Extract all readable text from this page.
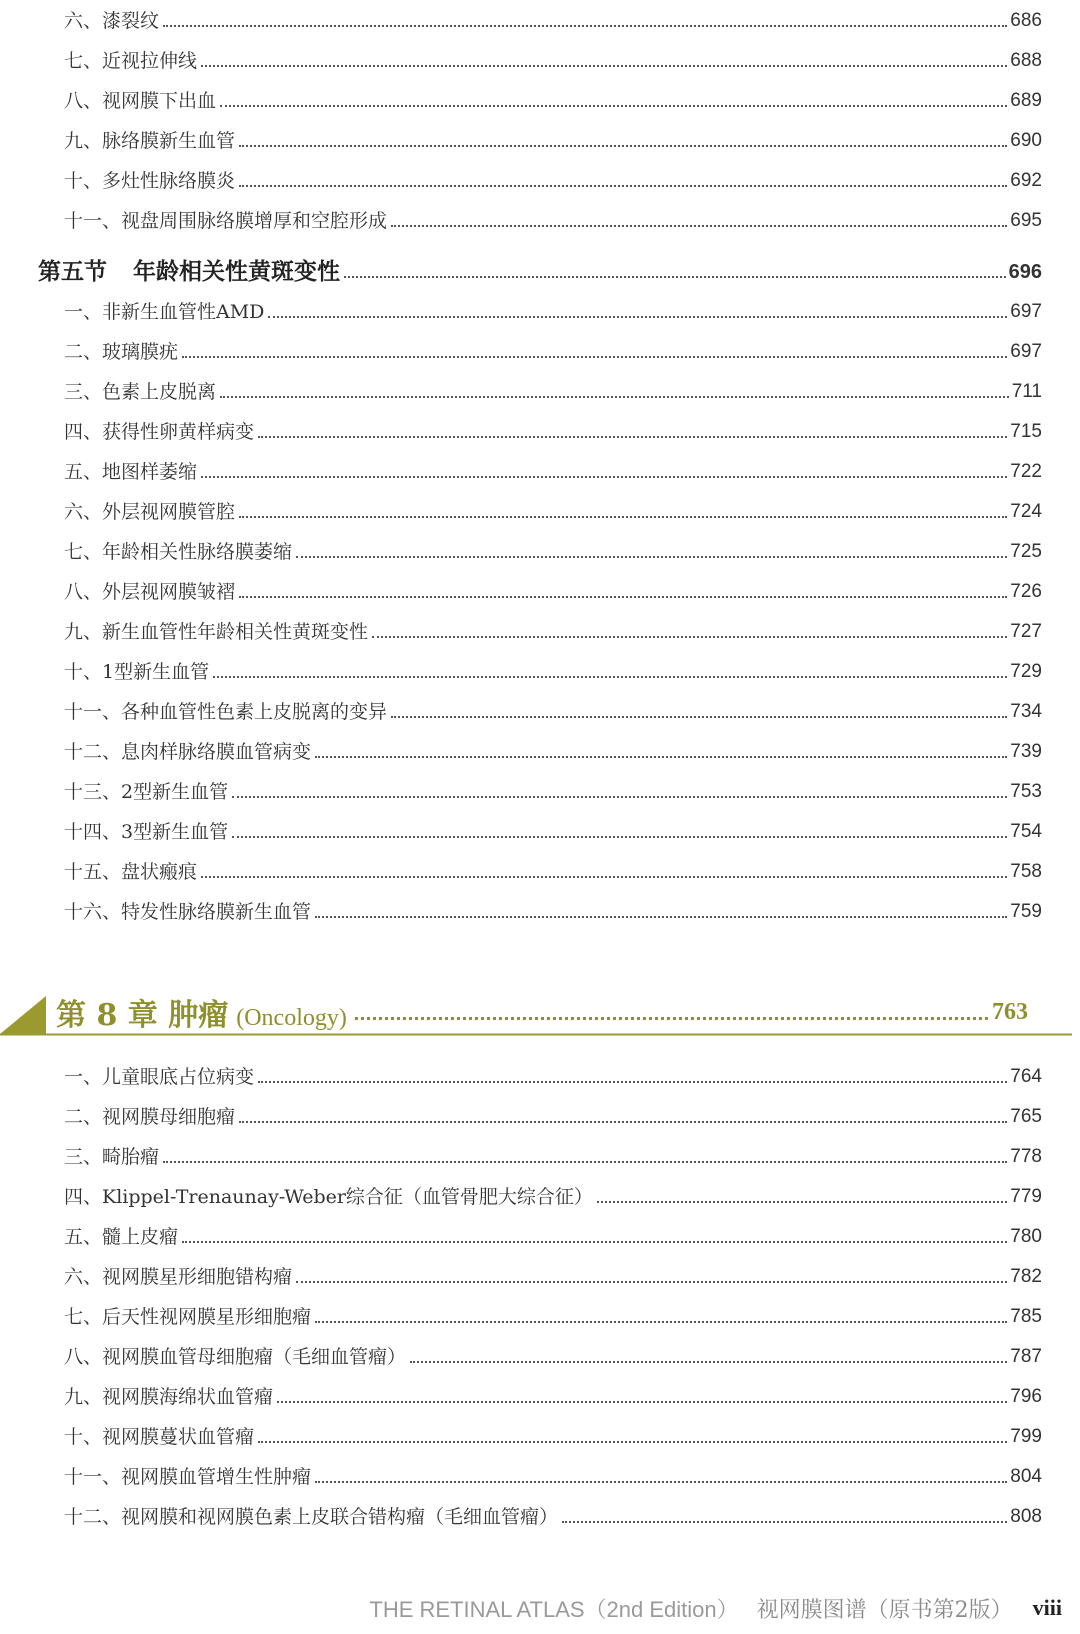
六、漆裂纹	686
七、近视拉伸线	688
八、视网膜下出血	689
九、脉络膜新生血管	690
十、多灶性脉络膜炎	692
十一、视盘周围脉络膜增厚和空腔形成	695
第五节 年龄相关性黄斑变性	696
一、非新生血管性AMD	697
二、玻璃膜疣	697
三、色素上皮脱离	711
四、获得性卵黄样病变	715
五、地图样萎缩	722
六、外层视网膜管腔	724
七、年龄相关性脉络膜萎缩	725
八、外层视网膜皱褶	726
九、新生血管性年龄相关性黄斑变性	727
十、1型新生血管	729
十一、各种血管性色素上皮脱离的变异	734
十二、息肉样脉络膜血管病变	739
十三、2型新生血管	753
十四、3型新生血管	754
十五、盘状瘢痕	758
十六、特发性脉络膜新生血管	759
第 8 章 肿瘤 (Oncology)	763
一、儿童眼底占位病变	764
二、视网膜母细胞瘤	765
三、畸胎瘤	778
四、Klippel-Trenaunay-Weber综合征（血管骨肥大综合征）	779
五、髓上皮瘤	780
六、视网膜星形细胞错构瘤	782
七、后天性视网膜星形细胞瘤	785
八、视网膜血管母细胞瘤（毛细血管瘤）	787
九、视网膜海绵状血管瘤	796
十、视网膜蔓状血管瘤	799
十一、视网膜血管增生性肿瘤	804
十二、视网膜和视网膜色素上皮联合错构瘤（毛细血管瘤）	808
THE RETINAL ATLAS（2nd Edition） 视网膜图谱（原书第2版） viii
